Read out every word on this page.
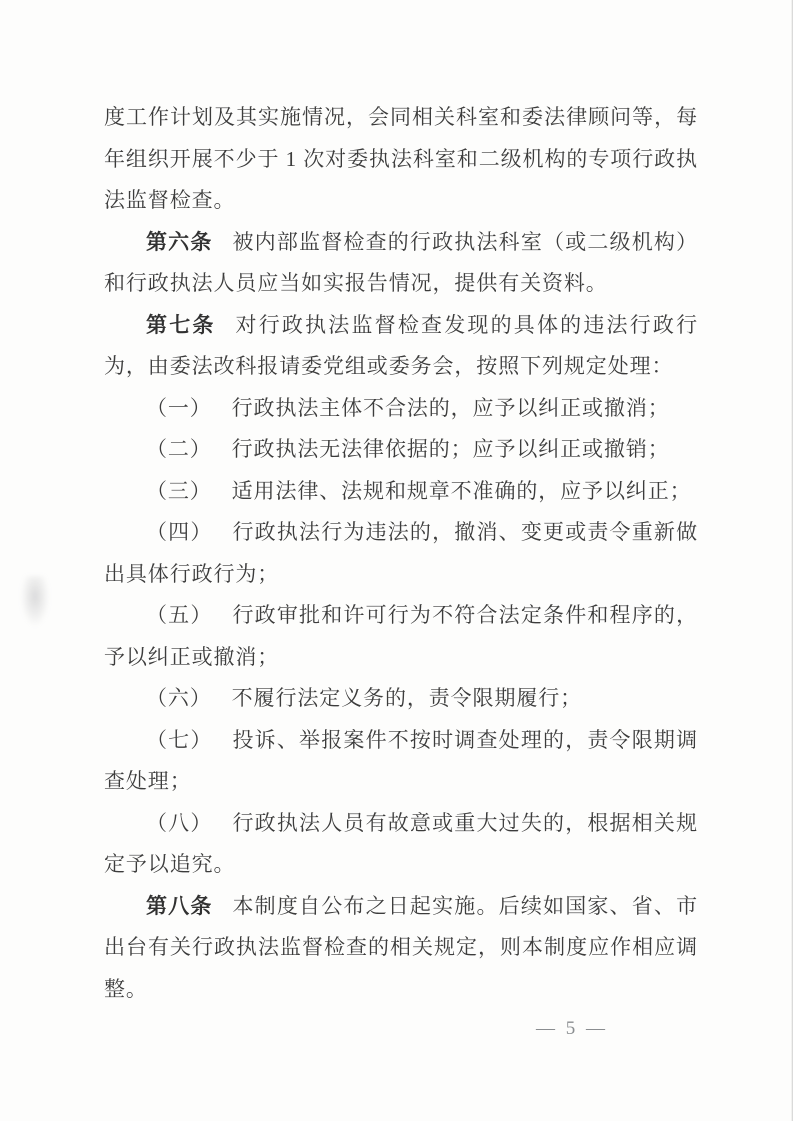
度工作计划及其实施情况，会同相关科室和委法律顾问等，每年组织开展不少于 1 次对委执法科室和二级机构的专项行政执法监督检查。

第六条 被内部监督检查的行政执法科室（或二级机构）和行政执法人员应当如实报告情况，提供有关资料。

第七条 对行政执法监督检查发现的具体的违法行政行为，由委法改科报请委党组或委务会，按照下列规定处理：

（一） 行政执法主体不合法的，应予以纠正或撤消；

（二） 行政执法无法律依据的；应予以纠正或撤销；

（三） 适用法律、法规和规章不准确的，应予以纠正；

（四） 行政执法行为违法的，撤消、变更或责令重新做出具体行政行为；

（五） 行政审批和许可行为不符合法定条件和程序的，予以纠正或撤消；

（六） 不履行法定义务的，责令限期履行；

（七） 投诉、举报案件不按时调查处理的，责令限期调查处理；

（八） 行政执法人员有故意或重大过失的，根据相关规定予以追究。

第八条 本制度自公布之日起实施。后续如国家、省、市出台有关行政执法监督检查的相关规定，则本制度应作相应调整。

— 5 —
